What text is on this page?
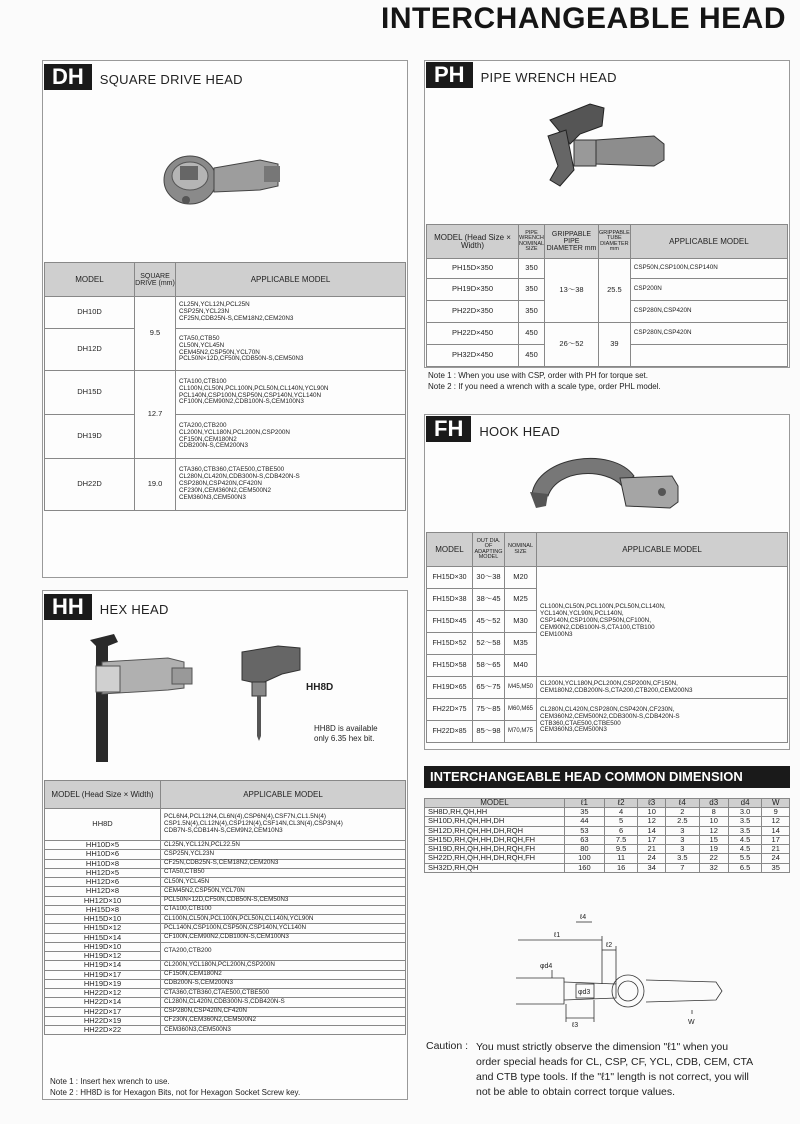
INTERCHANGEABLE HEAD
DH	SQUARE DRIVE HEAD
MODEL	SQUARE DRIVE (mm)	APPLICABLE MODEL
DH10D	9.5	CL25N,YCL12N,PCL25N
CSP25N,YCL23N
CF25N,CDB25N-S,CEM18N2,CEM20N3

DH12D		CTA50,CTB50
CL50N,YCL45N
CEM45N2,CSP50N,YCL70N
PCL50N×12D,CF50N,CDB50N-S,CEM50N3

DH15D	12.7	CTA100,CTB100
CL100N,CL50N,PCL100N,PCL50N,CL140N,YCL90N
PCL140N,CSP100N,CSP50N,CSP140N,YCL140N
CF100N,CEM90N2,CDB100N-S,CEM100N3

DH19D		CTA200,CTB200
CL200N,YCL180N,PCL200N,CSP200N
CF150N,CEM180N2
CDB200N-S,CEM200N3

DH22D	19.0	CTA360,CTB360,CTAE500,CTBE500
CL280N,CL420N,CDB300N-S,CDB420N-S
CSP280N,CSP420N,CF420N
CF230N,CEM360N2,CEM500N2
CEM360N3,CEM500N3
HH	HEX HEAD
HH8D
HH8D is available
only 6.35 hex bit.
MODEL (Head Size × Width)	APPLICABLE MODEL
HH8D	PCL6N4,PCL12N4,CL6N(4),CSP6N(4),CSF7N,CL1.5N(4)
CSP1.5N(4),CL12N(4),CSP12N(4),CSF14N,CL3N(4),CSP3N(4)
CDB7N-S,CDB14N-S,CEM9N2,CEM10N3

HH10D×5	CL25N,YCL12N,PCL22.5N
HH10D×6	CSP25N,YCL23N
HH10D×8	CF25N,CDB25N-S,CEM18N2,CEM20N3
HH12D×5	CTA50,CTB50
HH12D×6	CL50N,YCL45N
HH12D×8	CEM45N2,CSP50N,YCL70N
HH12D×10	PCL50N×12D,CF50N,CDB50N-S,CEM50N3
HH15D×8	CTA100,CTB100
HH15D×10	CL100N,CL50N,PCL100N,PCL50N,CL140N,YCL90N
HH15D×12	PCL140N,CSP100N,CSP50N,CSP140N,YCL140N
HH15D×14	CF100N,CEM90N2,CDB100N-S,CEM100N3
HH19D×10	CTA200,CTB200
HH19D×12	
HH19D×14	CL200N,YCL180N,PCL200N,CSP200N
HH19D×17	CF150N,CEM180N2
HH19D×19	CDB200N-S,CEM200N3
HH22D×12	CTA360,CTB360,CTAE500,CTBE500
HH22D×14	CL280N,CL420N,CDB300N-S,CDB420N-S
HH22D×17	CSP280N,CSP420N,CF420N
HH22D×19	CF230N,CEM360N2,CEM500N2
HH22D×22	CEM360N3,CEM500N3
Note 1 : Insert hex wrench to use.
Note 2 : HH8D is for Hexagon Bits, not for Hexagon Socket Screw key.
PH	PIPE WRENCH HEAD
MODEL (Head Size × Width)	PIPE WRENCH NOMINAL SIZE	GRIPPABLE PIPE DIAMETER mm	GRIPPABLE TUBE DIAMETER mm	APPLICABLE MODEL
PH15D×350	350	13～38	25.5	CSP50N,CSP100N,CSP140N
PH19D×350	350			CSP200N
PH22D×350	350			CSP280N,CSP420N
PH22D×450	450	26～52	39	CSP280N,CSP420N
PH32D×450	450			
Note 1 : When you use with CSP, order with PH for torque set.
Note 2 : If you need a wrench with a scale type, order PHL model.
FH	HOOK HEAD
MODEL	OUT DIA. OF ADAPTING MODEL	NOMINAL SIZE	APPLICABLE MODEL
FH15D×30	30～38	M20	CL100N,CL50N,PCL100N,PCL50N,CL140N,
YCL140N,YCL90N,PCL140N,
CSP140N,CSP100N,CSP50N,CF100N,
CEM90N2,CDB100N-S,CTA100,CTB100
CEM100N3

FH15D×38	38～45	M25	
FH15D×45	45～52	M30	
FH15D×52	52～58	M35	
FH15D×58	58～65	M40	
FH19D×65	65～75	M45,M50	CL200N,YCL180N,PCL200N,CSP200N,CF150N,
CEM180N2,CDB200N-S,CTA200,CTB200,CEM200N3

FH22D×75	75～85	M60,M65	CL280N,CL420N,CSP280N,CSP420N,CF230N,
CEM360N2,CEM500N2,CDB300N-S,CDB420N-S
CTB360,CTAE500,CTBE500
CEM360N3,CEM500N3

FH22D×85	85～98	M70,M75	
INTERCHANGEABLE HEAD COMMON DIMENSION
MODEL	ℓ1	ℓ2	ℓ3	ℓ4	d3	d4	W
SH8D,RH,QH,HH	35	4	10	2	8	3.0	9
SH10D,RH,QH,HH,DH	44	5	12	2.5	10	3.5	12
SH12D,RH,QH,HH,DH,RQH	53	6	14	3	12	3.5	14
SH15D,RH,QH,HH,DH,RQH,FH	63	7.5	17	3	15	4.5	17
SH19D,RH,QH,HH,DH,RQH,FH	80	9.5	21	3	19	4.5	21
SH22D,RH,QH,HH,DH,RQH,FH	100	11	24	3.5	22	5.5	24
SH32D,RH,QH	160	16	34	7	32	6.5	35
ℓ1
ℓ2
ℓ4
ℓ3
φd4
φd3
W
Caution : You must strictly observe the dimension "ℓ1" when you
order special heads for CL, CSP, CF, YCL, CDB, CEM, CTA
and CTB type tools. If the "ℓ1" length is not correct, you will
not be able to obtain correct torque values.
